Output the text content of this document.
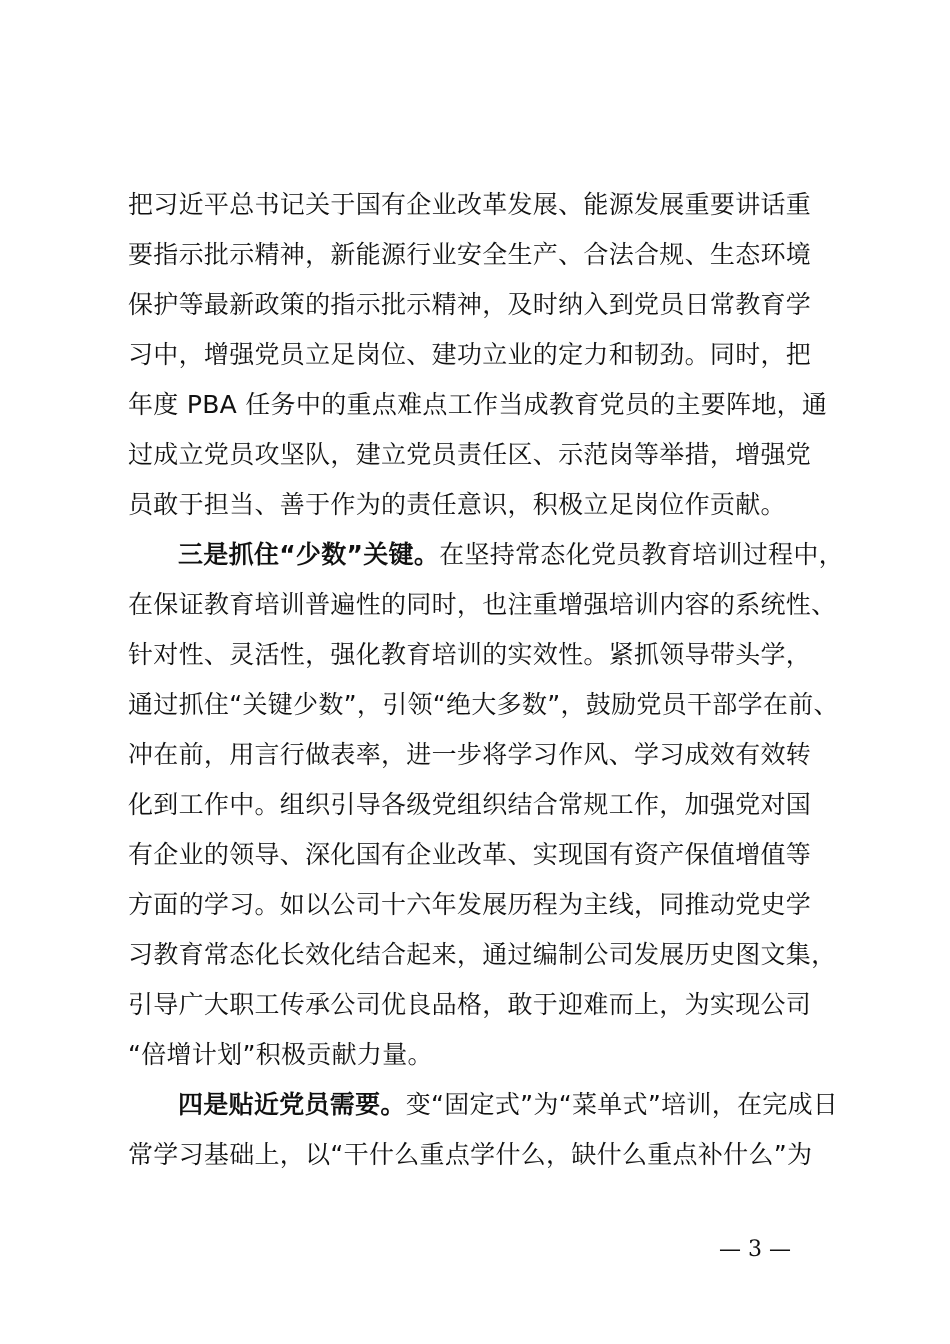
把习近平总书记关于国有企业改革发展、能源发展重要讲话重
要指示批示精神，新能源行业安全生产、合法合规、生态环境
保护等最新政策的指示批示精神，及时纳入到党员日常教育学
习中，增强党员立足岗位、建功立业的定力和韧劲。同时，把
年度 PBA 任务中的重点难点工作当成教育党员的主要阵地，通
过成立党员攻坚队，建立党员责任区、示范岗等举措，增强党
员敢于担当、善于作为的责任意识，积极立足岗位作贡献。
三是抓住“少数”关键。在坚持常态化党员教育培训过程中，
在保证教育培训普遍性的同时，也注重增强培训内容的系统性、
针对性、灵活性，强化教育培训的实效性。紧抓领导带头学，
通过抓住“关键少数”，引领“绝大多数”，鼓励党员干部学在前、
冲在前，用言行做表率，进一步将学习作风、学习成效有效转
化到工作中。组织引导各级党组织结合常规工作，加强党对国
有企业的领导、深化国有企业改革、实现国有资产保值增值等
方面的学习。如以公司十六年发展历程为主线，同推动党史学
习教育常态化长效化结合起来，通过编制公司发展历史图文集，
引导广大职工传承公司优良品格，敢于迎难而上，为实现公司
“倍增计划”积极贡献力量。
四是贴近党员需要。变“固定式”为“菜单式”培训，在完成日
常学习基础上，以“干什么重点学什么，缺什么重点补什么”为
— 3 —
